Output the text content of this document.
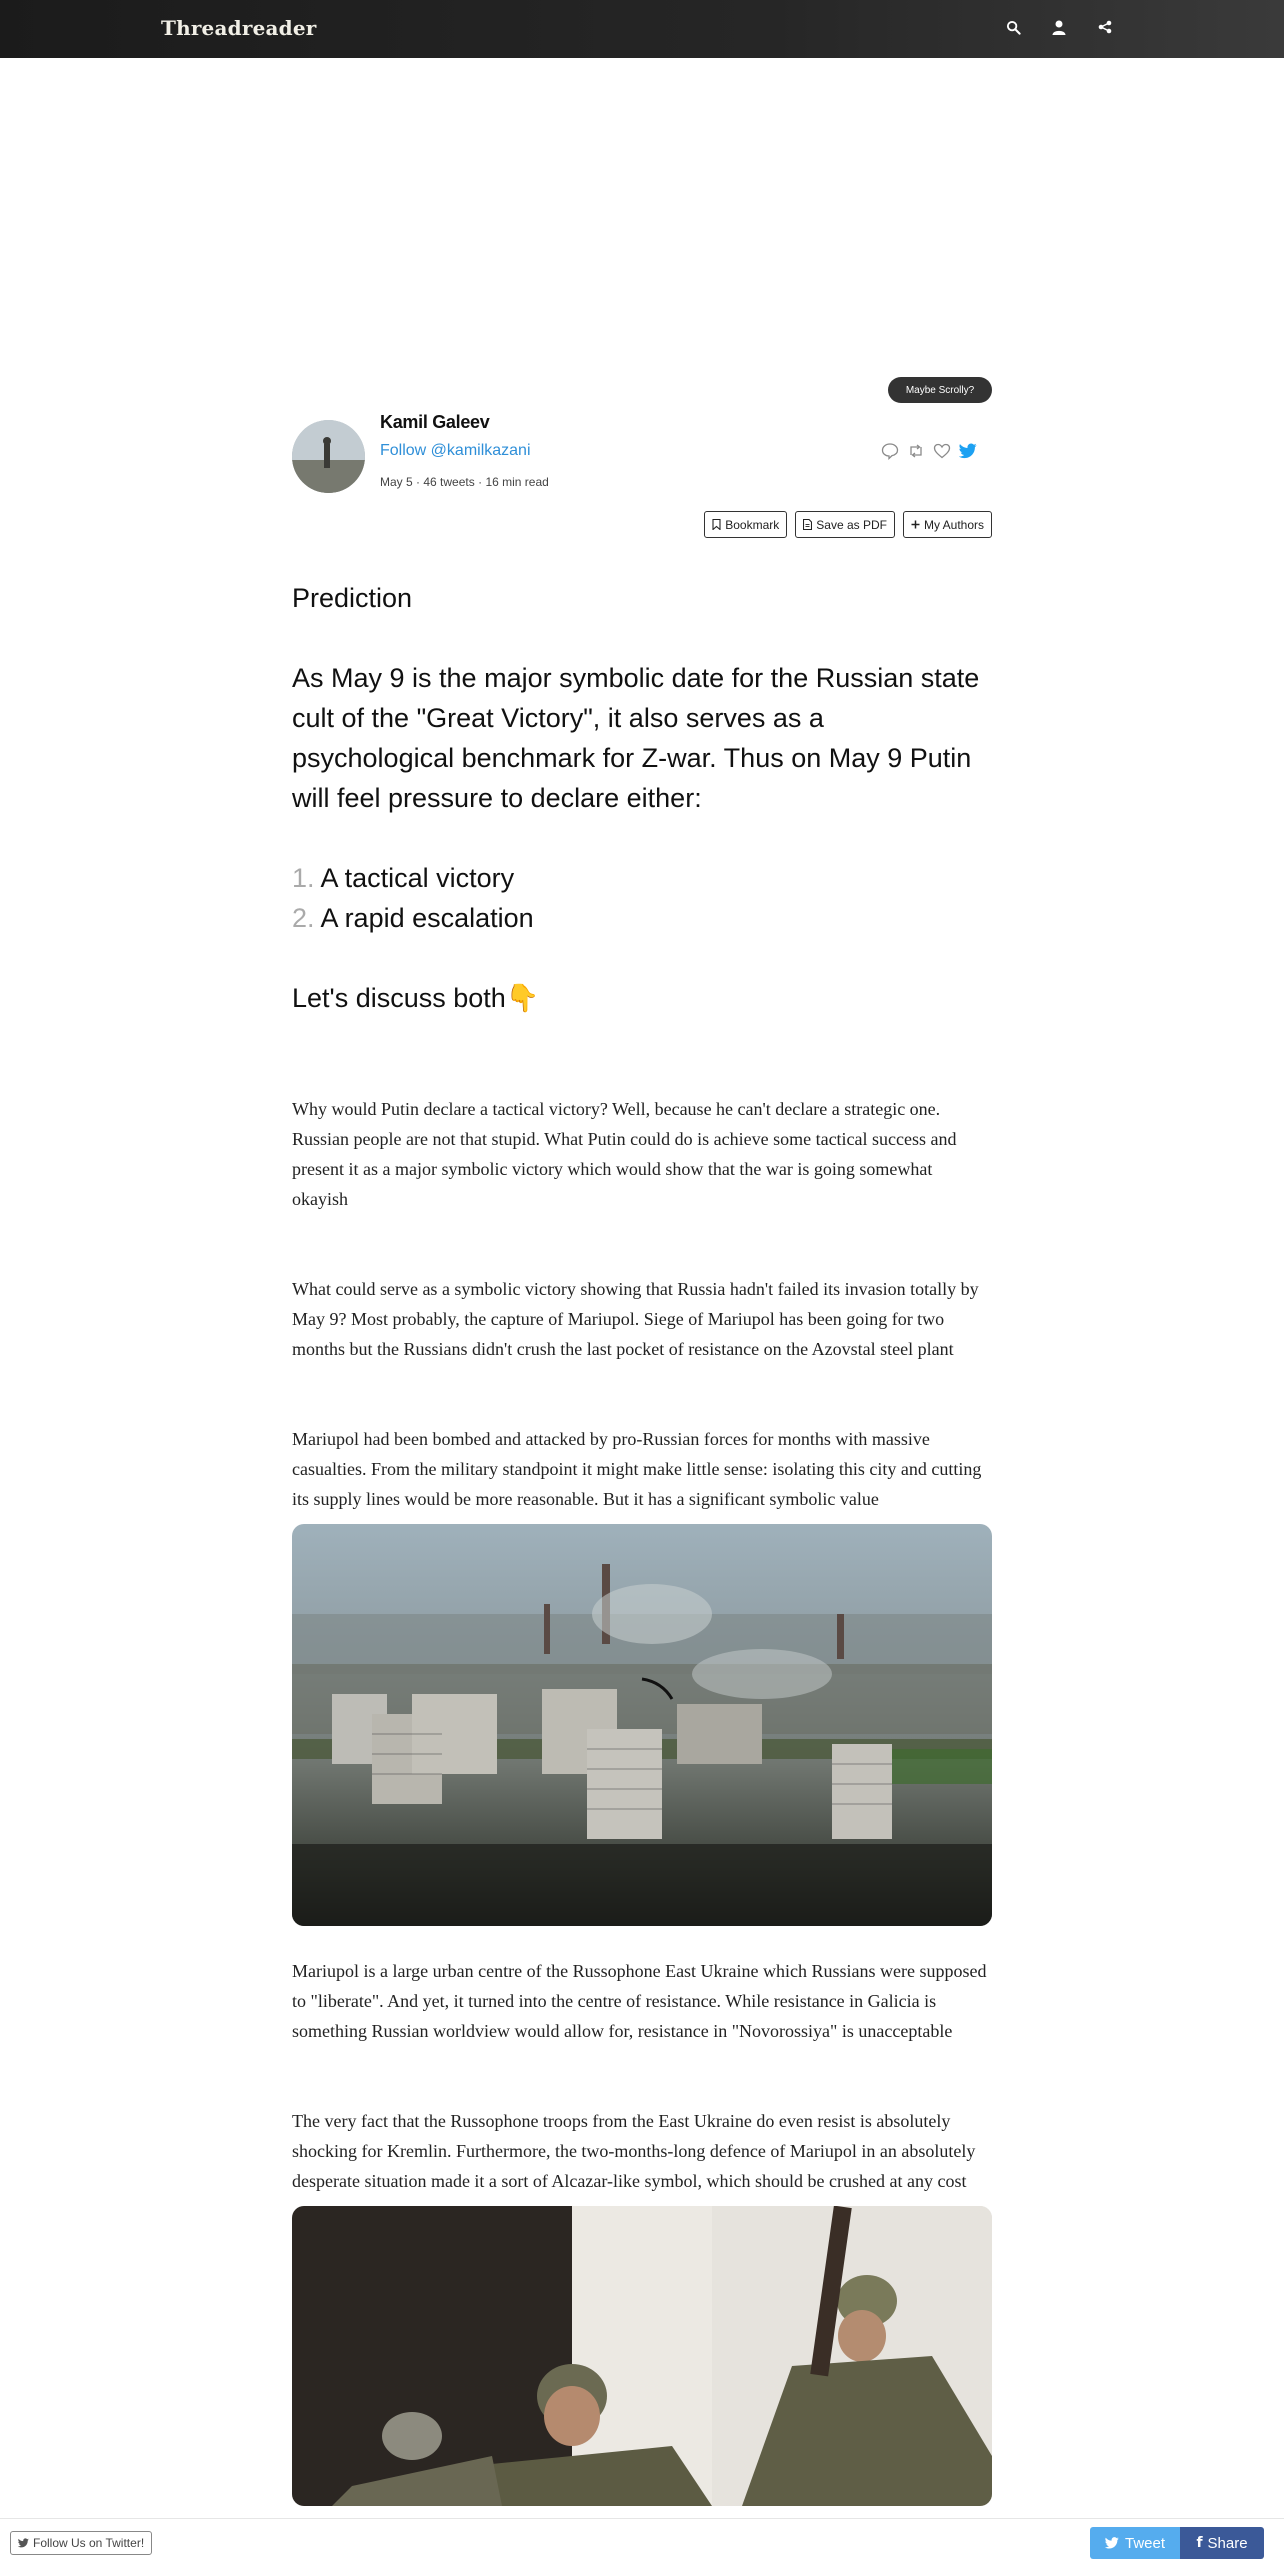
Threadreader
Maybe Scrolly?
Kamil Galeev
Follow @kamilkazani
May 5 · 46 tweets · 16 min read
Bookmark	Save as PDF	My Authors
Prediction
As May 9 is the major symbolic date for the Russian state cult of the "Great Victory", it also serves as a psychological benchmark for Z-war. Thus on May 9 Putin will feel pressure to declare either:
1. A tactical victory
2. A rapid escalation
Let's discuss both👇
Why would Putin declare a tactical victory? Well, because he can't declare a strategic one. Russian people are not that stupid. What Putin could do is achieve some tactical success and present it as a major symbolic victory which would show that the war is going somewhat okayish
What could serve as a symbolic victory showing that Russia hadn't failed its invasion totally by May 9? Most probably, the capture of Mariupol. Siege of Mariupol has been going for two months but the Russians didn't crush the last pocket of resistance on the Azovstal steel plant
Mariupol had been bombed and attacked by pro-Russian forces for months with massive casualties. From the military standpoint it might make little sense: isolating this city and cutting its supply lines would be more reasonable. But it has a significant symbolic value
Mariupol is a large urban centre of the Russophone East Ukraine which Russians were supposed to "liberate". And yet, it turned into the centre of resistance. While resistance in Galicia is something Russian worldview would allow for, resistance in "Novorossiya" is unacceptable
The very fact that the Russophone troops from the East Ukraine do even resist is absolutely shocking for Kremlin. Furthermore, the two-months-long defence of Mariupol in an absolutely desperate situation made it a sort of Alcazar-like symbol, which should be crushed at any cost
Follow Us on Twitter!	Tweet f Share
